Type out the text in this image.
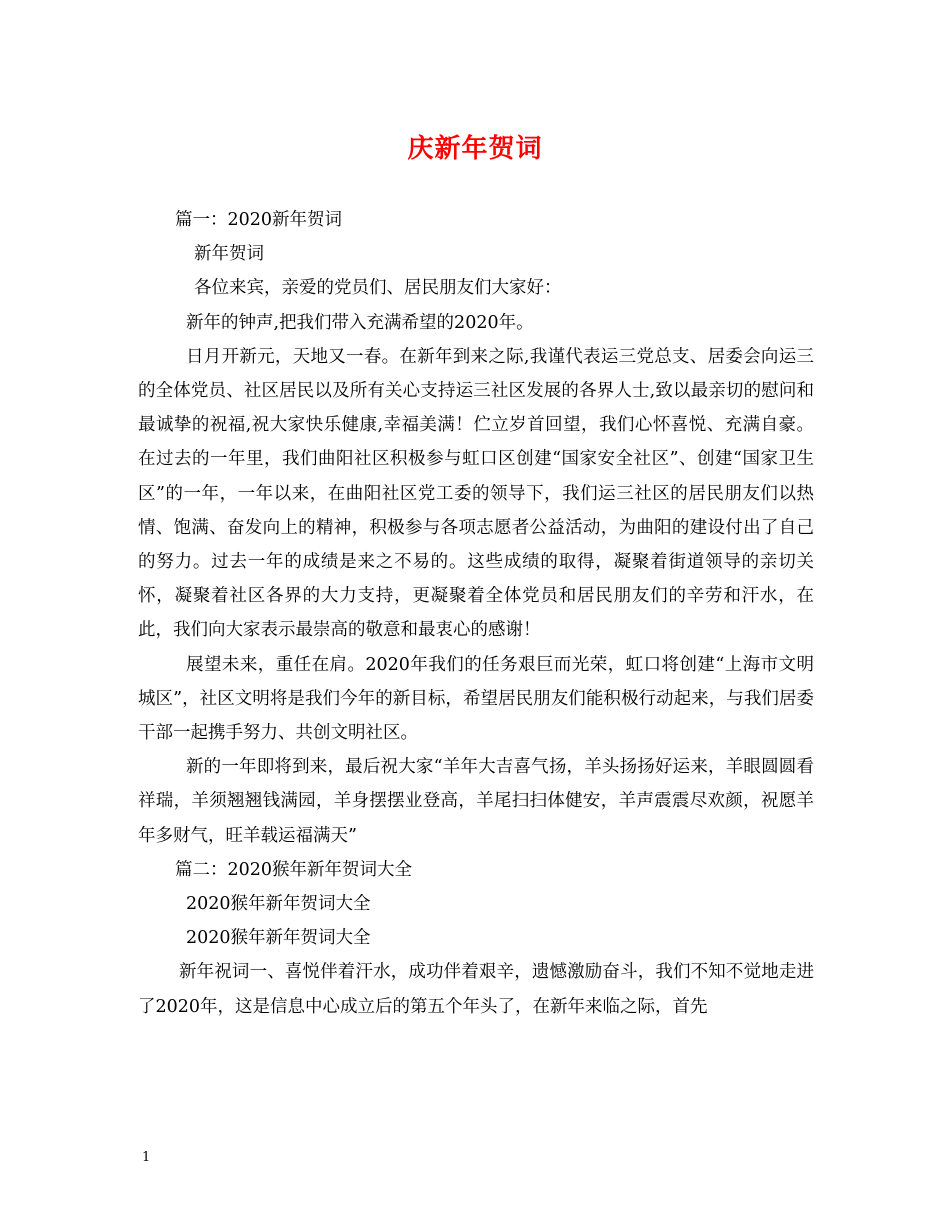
庆新年贺词

篇一：2020新年贺词

新年贺词

各位来宾，亲爱的党员们、居民朋友们大家好：

新年的钟声,把我们带入充满希望的2020年。

日月开新元，天地又一春。在新年到来之际,我谨代表运三党总支、居委会向运三的全体党员、社区居民以及所有关心支持运三社区发展的各界人士,致以最亲切的慰问和最诚挚的祝福,祝大家快乐健康,幸福美满！伫立岁首回望，我们心怀喜悦、充满自豪。在过去的一年里，我们曲阳社区积极参与虹口区创建“国家安全社区”、创建“国家卫生区”的一年，一年以来，在曲阳社区党工委的领导下，我们运三社区的居民朋友们以热情、饱满、奋发向上的精神，积极参与各项志愿者公益活动，为曲阳的建设付出了自己的努力。过去一年的成绩是来之不易的。这些成绩的取得，凝聚着街道领导的亲切关怀，凝聚着社区各界的大力支持，更凝聚着全体党员和居民朋友们的辛劳和汗水，在此，我们向大家表示最崇高的敬意和最衷心的感谢！

展望未来，重任在肩。2020年我们的任务艰巨而光荣，虹口将创建“上海市文明城区”，社区文明将是我们今年的新目标，希望居民朋友们能积极行动起来，与我们居委干部一起携手努力、共创文明社区。

新的一年即将到来，最后祝大家“羊年大吉喜气扬，羊头扬扬好运来，羊眼圆圆看祥瑞，羊须翘翘钱满园，羊身摆摆业登高，羊尾扫扫体健安，羊声震震尽欢颜，祝愿羊年多财气，旺羊载运福满天”

篇二：2020猴年新年贺词大全

2020猴年新年贺词大全

2020猴年新年贺词大全

新年祝词一、喜悦伴着汗水，成功伴着艰辛，遗憾激励奋斗，我们不知不觉地走进了2020年，这是信息中心成立后的第五个年头了，在新年来临之际，首先

1
